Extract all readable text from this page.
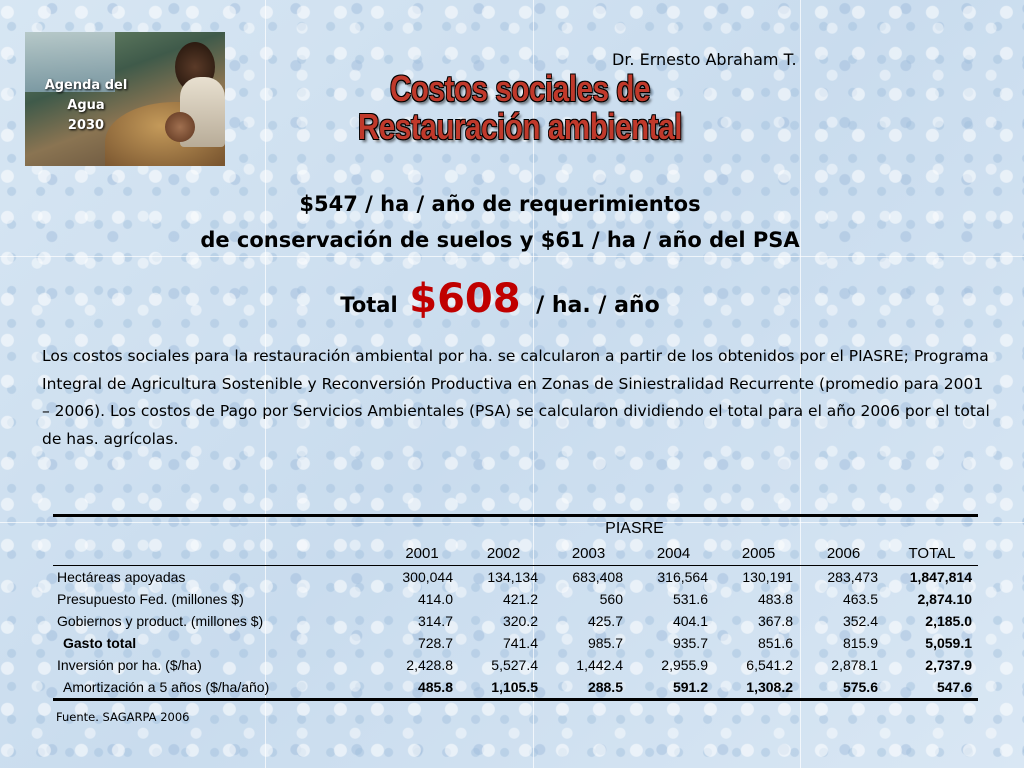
Agenda del Agua
2030
Dr. Ernesto Abraham T.
Costos sociales de
Restauración ambiental
$547 / ha / año de requerimientos
de conservación de suelos y $61 / ha / año del PSA
Total $608 / ha. / año
Los costos sociales para la restauración ambiental por ha. se calcularon a partir de los obtenidos por el PIASRE; Programa Integral de Agricultura Sostenible y Reconversión Productiva en Zonas de Siniestralidad Recurrente (promedio para 2001 – 2006). Los costos de Pago por Servicios Ambientales (PSA) se calcularon dividiendo el total para el año 2006 por el total de has. agrícolas.
	PIASRE						
	2001	2002	2003	2004	2005	2006	TOTAL
Hectáreas apoyadas	300,044	134,134	683,408	316,564	130,191	283,473	1,847,814
Presupuesto Fed. (millones $)	414.0	421.2	560	531.6	483.8	463.5	2,874.10
Gobiernos y product. (millones $)	314.7	320.2	425.7	404.1	367.8	352.4	2,185.0
Gasto total	728.7	741.4	985.7	935.7	851.6	815.9	5,059.1
Inversión por ha. ($/ha)	2,428.8	5,527.4	1,442.4	2,955.9	6,541.2	2,878.1	2,737.9
Amortización a 5 años ($/ha/año)	485.8	1,105.5	288.5	591.2	1,308.2	575.6	547.6
Fuente. SAGARPA 2006
